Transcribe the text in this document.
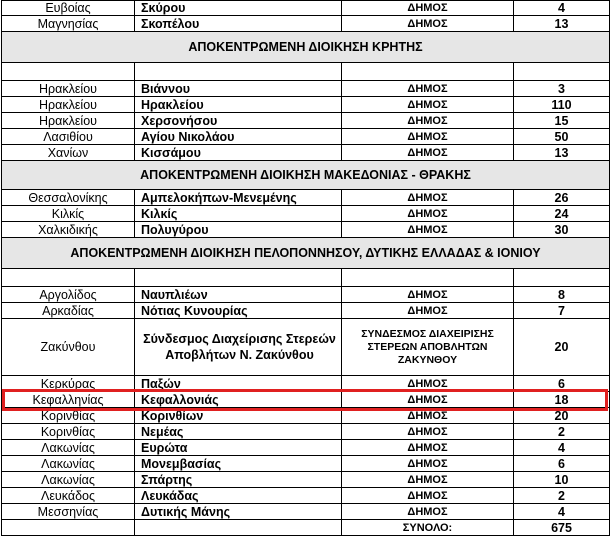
Ευβοίας	Σκύρου	ΔΗΜΟΣ	4
Μαγνησίας	Σκοπέλου	ΔΗΜΟΣ	13
ΑΠΟΚΕΝΤΡΩΜΕΝΗ ΔΙΟΙΚΗΣΗ ΚΡΗΤΗΣ			

Ηρακλείου	Βιάννου	ΔΗΜΟΣ	3
Ηρακλείου	Ηρακλείου	ΔΗΜΟΣ	110
Ηρακλείου	Χερσονήσου	ΔΗΜΟΣ	15
Λασιθίου	Αγίου Νικολάου	ΔΗΜΟΣ	50
Χανίων	Κισσάμου	ΔΗΜΟΣ	13
ΑΠΟΚΕΝΤΡΩΜΕΝΗ ΔΙΟΙΚΗΣΗ ΜΑΚΕΔΟΝΙΑΣ - ΘΡΑΚΗΣ			
Θεσσαλονίκης	Αμπελοκήπων-Μενεμένης	ΔΗΜΟΣ	26
Κιλκίς	Κιλκίς	ΔΗΜΟΣ	24
Χαλκιδικής	Πολυγύρου	ΔΗΜΟΣ	30
ΑΠΟΚΕΝΤΡΩΜΕΝΗ ΔΙΟΙΚΗΣΗ ΠΕΛΟΠΟΝΝΗΣΟΥ, ΔΥΤΙΚΗΣ ΕΛΛΑΔΑΣ & ΙΟΝΙΟΥ			

Αργολίδος	Ναυπλιέων	ΔΗΜΟΣ	8
Αρκαδίας	Νότιας Κυνουρίας	ΔΗΜΟΣ	7
Ζακύνθου	Σύνδεσμος Διαχείρισης Στερεών Αποβλήτων Ν. Ζακύνθου	ΣΥΝΔΕΣΜΟΣ ΔΙΑΧΕΙΡΙΣΗΣ ΣΤΕΡΕΩΝ ΑΠΟΒΛΗΤΩΝ ΖΑΚΥΝΘΟΥ	20
Κερκύρας	Παξών	ΔΗΜΟΣ	6
Κεφαλληνίας	Κεφαλλονιάς	ΔΗΜΟΣ	18
Κορινθίας	Κορινθίων	ΔΗΜΟΣ	20
Κορινθίας	Νεμέας	ΔΗΜΟΣ	2
Λακωνίας	Ευρώτα	ΔΗΜΟΣ	4
Λακωνίας	Μονεμβασίας	ΔΗΜΟΣ	6
Λακωνίας	Σπάρτης	ΔΗΜΟΣ	10
Λευκάδος	Λευκάδας	ΔΗΜΟΣ	2
Μεσσηνίας	Δυτικής Μάνης	ΔΗΜΟΣ	4
		ΣΥΝΟΛΟ:	675
